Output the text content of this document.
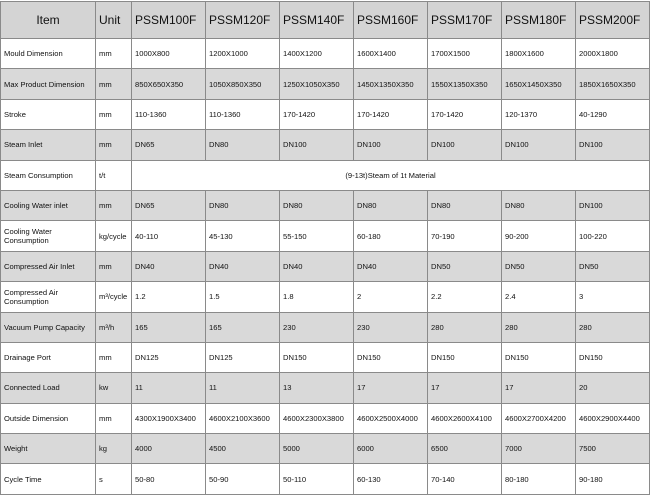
Item	Unit	PSSM100F	PSSM120F	PSSM140F	PSSM160F	PSSM170F	PSSM180F	PSSM200F
Mould Dimension	mm	1000X800	1200X1000	1400X1200	1600X1400	1700X1500	1800X1600	2000X1800
Max Product Dimension	mm	850X650X350	1050X850X350	1250X1050X350	1450X1350X350	1550X1350X350	1650X1450X350	1850X1650X350
Stroke	mm	110-1360	110-1360	170-1420	170-1420	170-1420	120-1370	40-1290
Steam Inlet	mm	DN65	DN80	DN100	DN100	DN100	DN100	DN100
Steam Consumption	t/t	(9-13t)Steam of 1t Material						
Cooling Water inlet	mm	DN65	DN80	DN80	DN80	DN80	DN80	DN100
Cooling Water Consumption	kg/cycle	40-110	45-130	55-150	60-180	70-190	90-200	100-220
Compressed Air Inlet	mm	DN40	DN40	DN40	DN40	DN50	DN50	DN50
Compressed Air Consumption	m³/cycle	1.2	1.5	1.8	2	2.2	2.4	3
Vacuum Pump Capacity	m³/h	165	165	230	230	280	280	280
Drainage Port	mm	DN125	DN125	DN150	DN150	DN150	DN150	DN150
Connected Load	kw	11	11	13	17	17	17	20
Outside Dimension	mm	4300X1900X3400	4600X2100X3600	4600X2300X3800	4600X2500X4000	4600X2600X4100	4600X2700X4200	4600X2900X4400
Weight	kg	4000	4500	5000	6000	6500	7000	7500
Cycle Time	s	50-80	50-90	50-110	60-130	70-140	80-180	90-180
